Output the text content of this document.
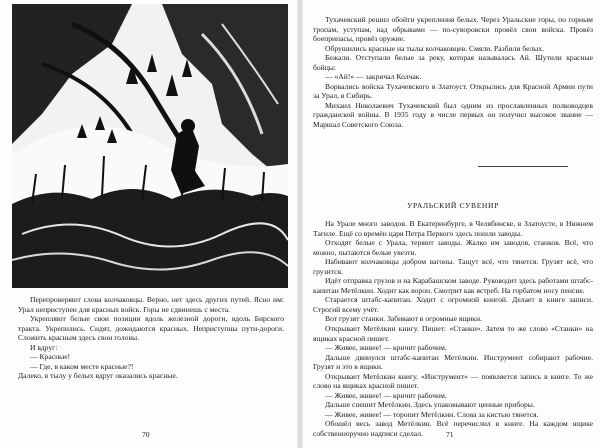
Перепроверяют слова колчаковцы. Верно, нет здесь других путей. Ясно им: Урал неприступен для красных войск. Горы не сдвинешь с места.

Укрепляют белые свои позиции вдоль железной дороги, вдоль Бирского тракта. Укрепились. Сидят, дожидаются красных. Неприступны пути-дороги. Сложить красным здесь свои головы.

И вдруг:

— Красные!

— Где, в каком месте красные?!

Далеко, в тылу у белых вдруг оказались красные.

70

Тухачевский решил обойти укрепления белых. Через Уральские горы, по горным тропам, уступам, над обрывами — по-суворовски провёл свои войска. Провёз боеприпасы, провёз оружие.

Обрушились красные на тылы колчаковцев. Смяли. Разбили белых.

Бежали. Отступали белые за реку, которая называлась Ай. Шутили красные бойцы:

— «Ай!» — закричал Колчак.

Ворвались войска Тухачевского в Златоуст. Открылись для Красной Армии пути за Урал, в Сибирь.

Михаил Николаевич Тухачевский был одним из прославленных полководцев гражданской войны. В 1935 году в числе первых он получил высокое звание — Маршал Советского Союза.

УРАЛЬСКИЙ СУВЕНИР

На Урале много заводов. В Екатеринбурге, в Челябинске, в Златоусте, в Нижнем Тагиле. Ещё со времён царя Петра Первого здесь пошли заводы.

Отходят белые с Урала, теряют заводы. Жалко им заводов, станков. Всё, что можно, пытаются белые увезти.

Набивают колчаковцы добром вагоны. Тащут всё, что тянется. Грузят всё, что грузится.

Идёт отправка грузов и на Карабашском заводе. Руководит здесь работами штабс-капитан Метёлкин. Ходит как ворон. Смотрит как ястреб. На горбатом носу пенсне.

Старается штабс-капитан. Ходит с огромной книгой. Делает в книге записи. Строгий всему учёт.

Вот грузят станки. Забивают в огромные ящики.

Открывает Метёлкин книгу. Пишет: «Станки». Затем то же слово «Станки» на ящиках красной пишет.

— Живее, живее! — кричит рабочим.

Дальше двинулся штабс-капитан Метёлкин. Инструмент собирают рабочие. Грузят и это в ящики.

Открывает Метёлкин книгу. «Инструмент» — появляется запись в книге. То же слово на ящиках красной пишет.

— Живее, живее! — кричит рабочим.

Дальше спешит Метёлкин. Здесь упаковывают ценные приборы.

— Живее, живее! — торопит Метёлкин. Слова за кистью тянется.

Обошёл весь завод Метёлкин. Всё перечислил в книге. На каждом ящике собственноручно надписи сделал.	71
